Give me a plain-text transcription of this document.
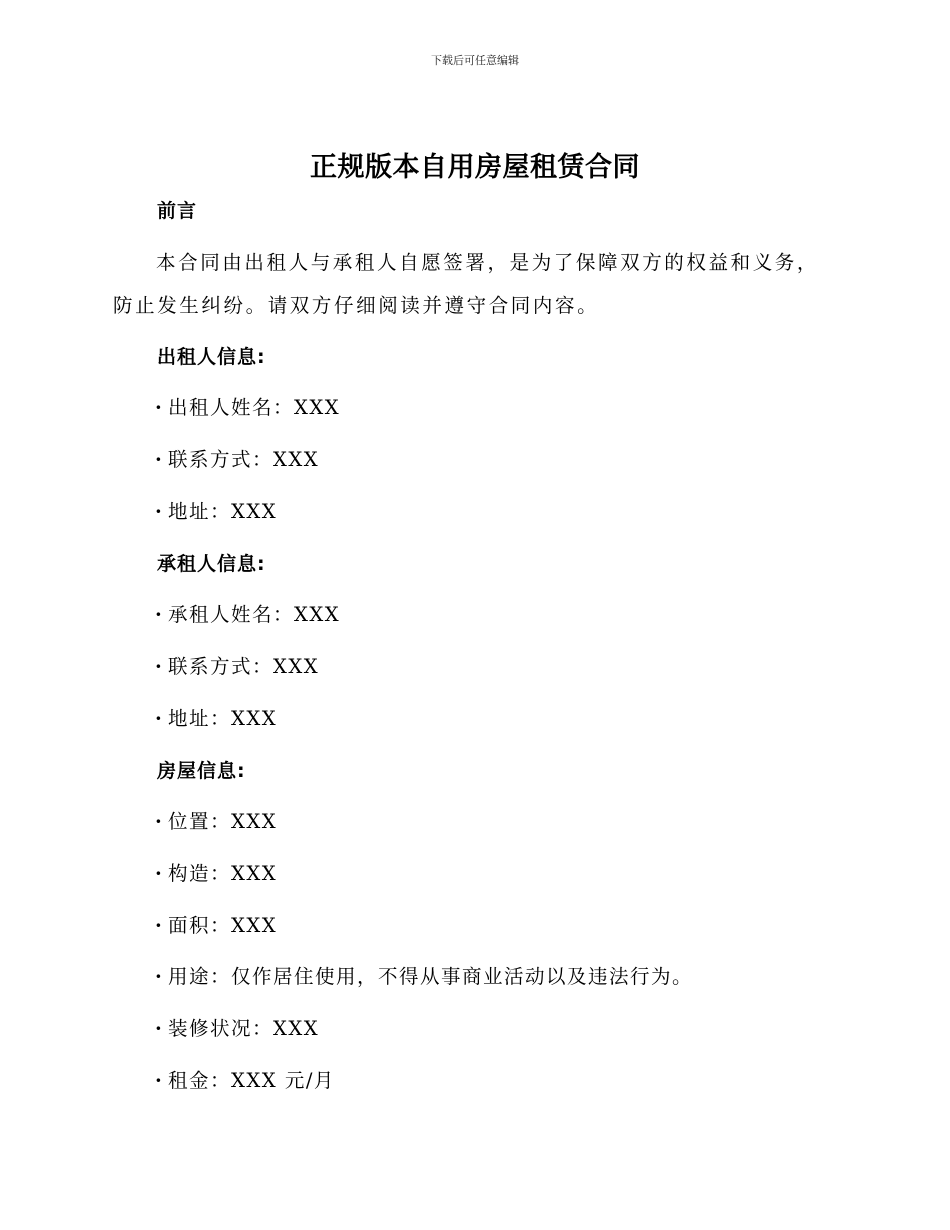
下载后可任意编辑
正规版本自用房屋租赁合同
前言

本合同由出租人与承租人自愿签署，是为了保障双方的权益和义务，防止发生纠纷。请双方仔细阅读并遵守合同内容。

出租人信息:
· 出租人姓名：XXX
· 联系方式：XXX
· 地址：XXX
承租人信息:
· 承租人姓名：XXX
· 联系方式：XXX
· 地址：XXX
房屋信息:
· 位置：XXX
· 构造：XXX
· 面积：XXX
· 用途：仅作居住使用，不得从事商业活动以及违法行为。
· 装修状况：XXX
· 租金：XXX 元/月
